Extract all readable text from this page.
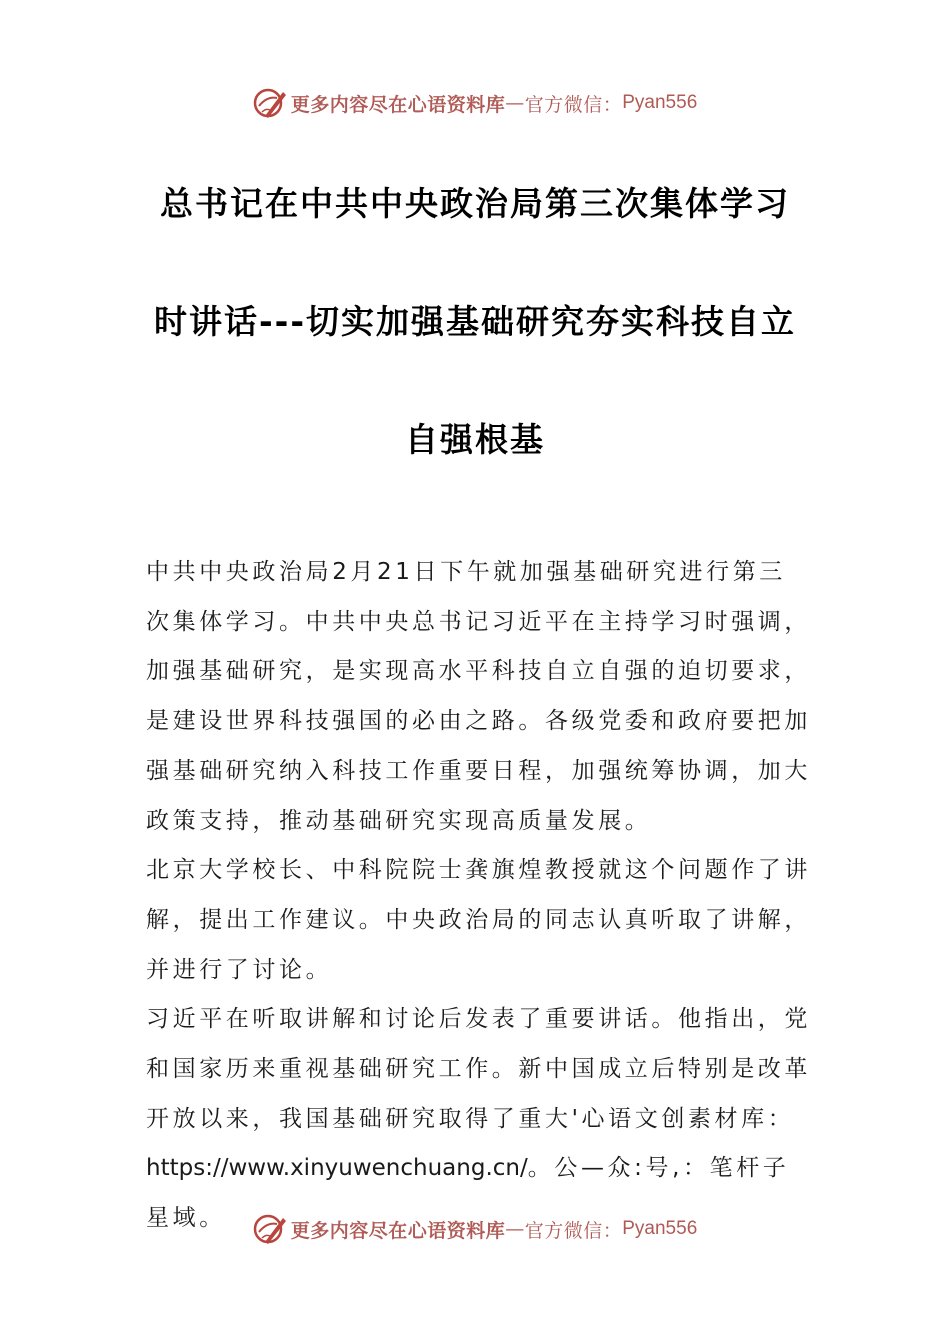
更多内容尽在心语资料库 — 官方微信： Pyan556
总书记在中共中央政治局第三次集体学习
时讲话---切实加强基础研究夯实科技自立
自强根基

中共中央政治局2月21日下午就加强基础研究进行第三次集体学习。中共中央总书记习近平在主持学习时强调，加强基础研究，是实现高水平科技自立自强的迫切要求，是建设世界科技强国的必由之路。各级党委和政府要把加强基础研究纳入科技工作重要日程，加强统筹协调，加大政策支持，推动基础研究实现高质量发展。

北京大学校长、中科院院士龚旗煌教授就这个问题作了讲解，提出工作建议。中央政治局的同志认真听取了讲解，并进行了讨论。

习近平在听取讲解和讨论后发表了重要讲话。他指出，党和国家历来重视基础研究工作。新中国成立后特别是改革开放以来，我国基础研究取得了重大'心语文创素材库：https://www.xinyuwenchuang.cn/。公—众:号,：笔杆子星域。	更多内容尽在心语资料库 — 官方微信： Pyan556
